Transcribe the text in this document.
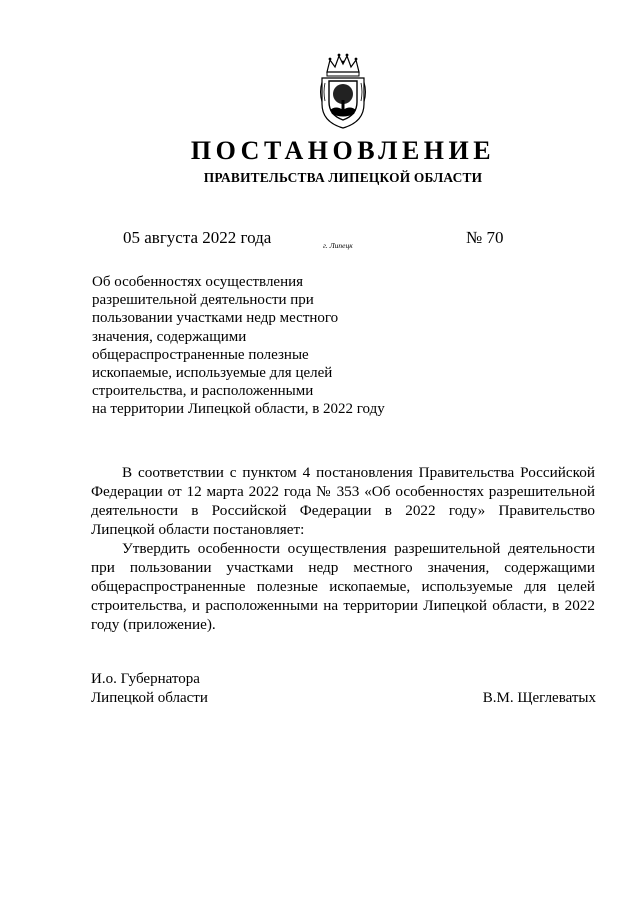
ПОСТАНОВЛЕНИЕ
ПРАВИТЕЛЬСТВА ЛИПЕЦКОЙ ОБЛАСТИ
05 августа 2022 года	г. Липецк	№ 70
Об особенностях осуществления
разрешительной деятельности при
пользовании участками недр местного
значения, содержащими
общераспространенные полезные
ископаемые, используемые для целей
строительства, и расположенными
на территории Липецкой области, в 2022 году

В соответствии с пунктом 4 постановления Правительства Российской Федерации от 12 марта 2022 года № 353 «Об особенностях разрешительной деятельности в Российской Федерации в 2022 году» Правительство Липецкой области постановляет:

Утвердить особенности осуществления разрешительной деятельности при пользовании участками недр местного значения, содержащими общераспространенные полезные ископаемые, используемые для целей строительства, и расположенными на территории Липецкой области, в 2022 году (приложение).

И.о. Губернатора
Липецкой области	В.М. Щеглеватых
